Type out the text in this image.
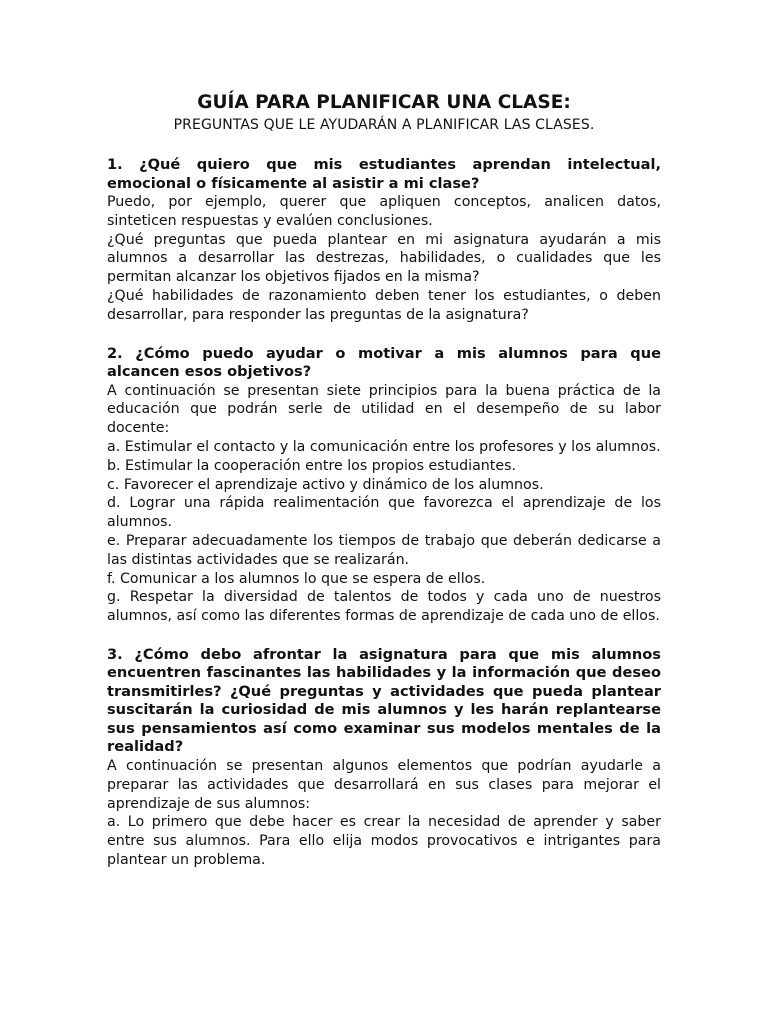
GUÍA PARA PLANIFICAR UNA CLASE:

PREGUNTAS QUE LE AYUDARÁN A PLANIFICAR LAS CLASES.

1. ¿Qué quiero que mis estudiantes aprendan intelectual, emocional o físicamente al asistir a mi clase?

Puedo, por ejemplo, querer que apliquen conceptos, analicen datos, sinteticen respuestas y evalúen conclusiones.

¿Qué preguntas que pueda plantear en mi asignatura ayudarán a mis alumnos a desarrollar las destrezas, habilidades, o cualidades que les permitan alcanzar los objetivos fijados en la misma?

¿Qué habilidades de razonamiento deben tener los estudiantes, o deben desarrollar, para responder las preguntas de la asignatura?

2. ¿Cómo puedo ayudar o motivar a mis alumnos para que alcancen esos objetivos?

A continuación se presentan siete principios para la buena práctica de la educación que podrán serle de utilidad en el desempeño de su labor docente:

a. Estimular el contacto y la comunicación entre los profesores y los alumnos.

b. Estimular la cooperación entre los propios estudiantes.

c. Favorecer el aprendizaje activo y dinámico de los alumnos.

d. Lograr una rápida realimentación que favorezca el aprendizaje de los alumnos.

e. Preparar adecuadamente los tiempos de trabajo que deberán dedicarse a las distintas actividades que se realizarán.

f. Comunicar a los alumnos lo que se espera de ellos.

g. Respetar la diversidad de talentos de todos y cada uno de nuestros alumnos, así como las diferentes formas de aprendizaje de cada uno de ellos.

3. ¿Cómo debo afrontar la asignatura para que mis alumnos encuentren fascinantes las habilidades y la información que deseo transmitirles? ¿Qué preguntas y actividades que pueda plantear suscitarán la curiosidad de mis alumnos y les harán replantearse sus pensamientos así como examinar sus modelos mentales de la realidad?

A continuación se presentan algunos elementos que podrían ayudarle a preparar las actividades que desarrollará en sus clases para mejorar el aprendizaje de sus alumnos:

a. Lo primero que debe hacer es crear la necesidad de aprender y saber entre sus alumnos. Para ello elija modos provocativos e intrigantes para plantear un problema.
